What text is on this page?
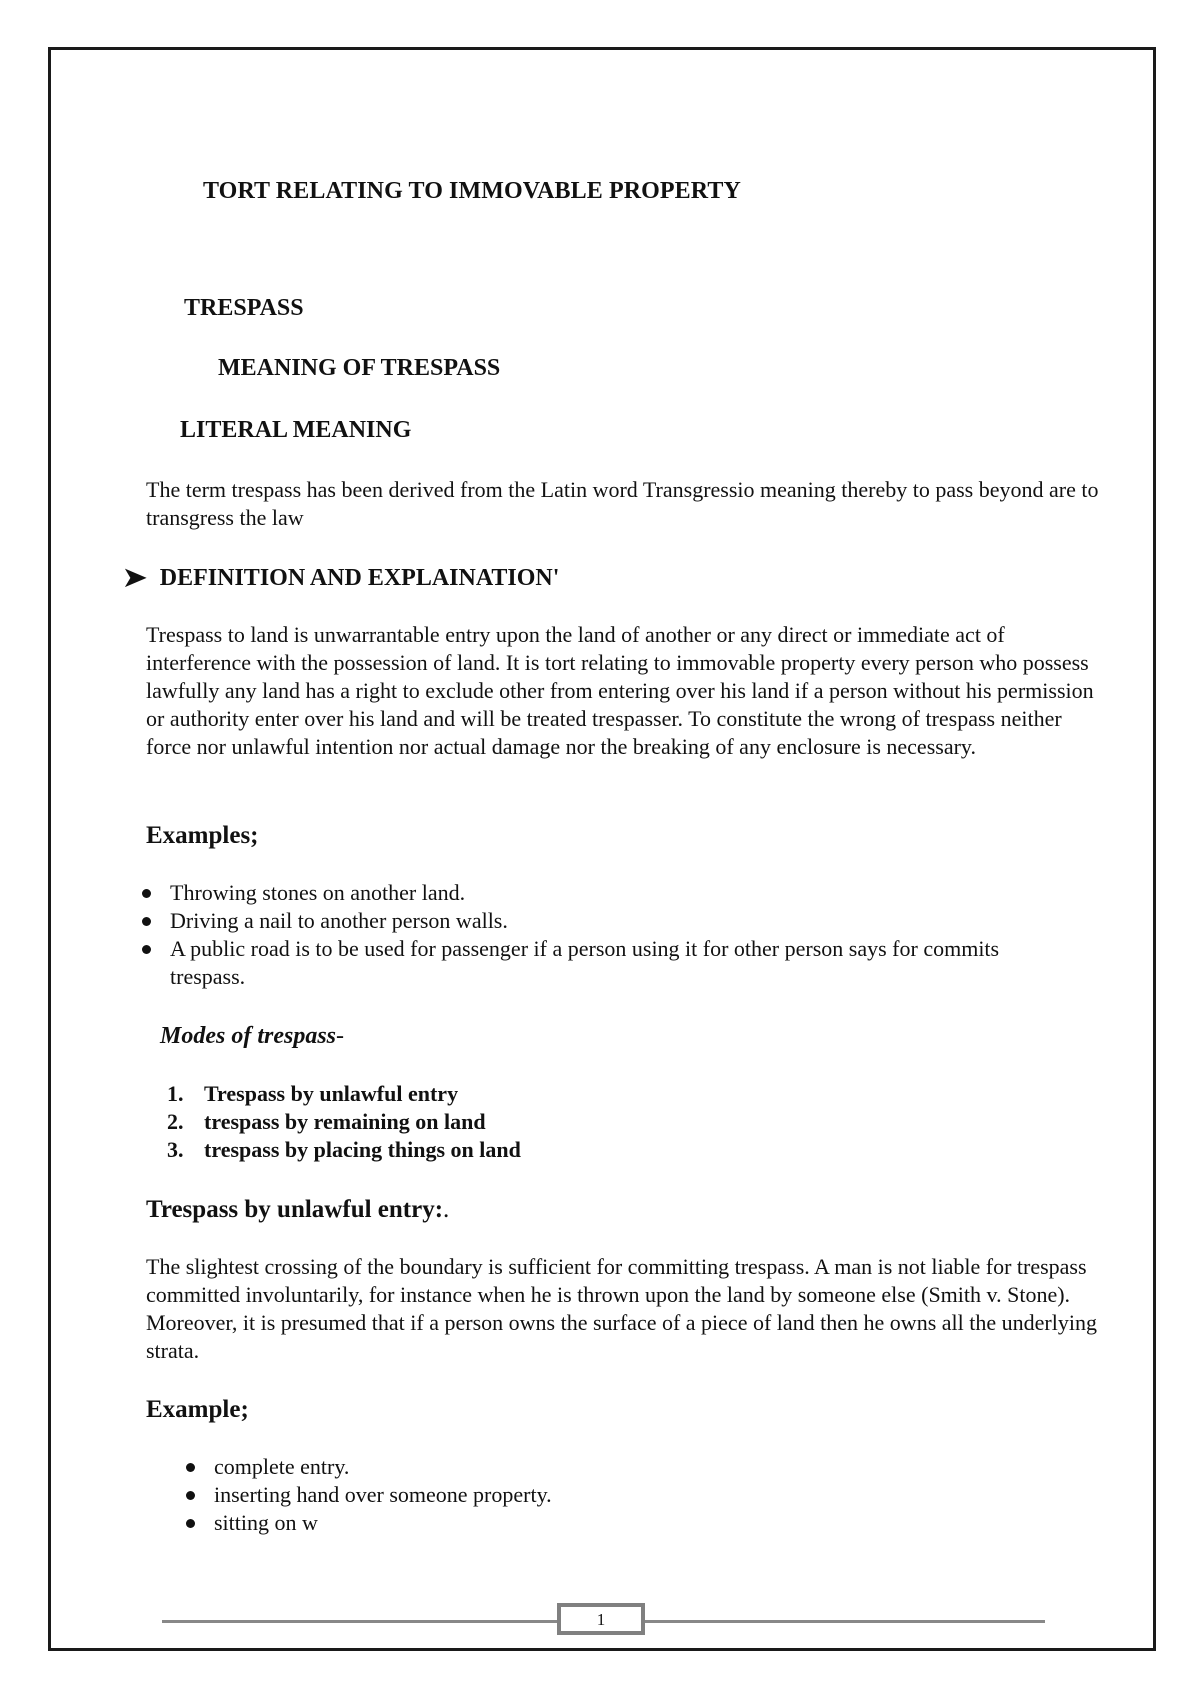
TORT RELATING TO IMMOVABLE PROPERTY
TRESPASS
MEANING OF TRESPASS
LITERAL MEANING

The term trespass has been derived from the Latin word Transgressio meaning thereby to pass beyond are to transgress the law

➤ DEFINITION AND EXPLAINATION'

Trespass to land is unwarrantable entry upon the land of another or any direct or immediate act of interference with the possession of land. It is tort relating to immovable property every person who possess lawfully any land has a right to exclude other from entering over his land if a person without his permission or authority enter over his land and will be treated trespasser. To constitute the wrong of trespass neither force nor unlawful intention nor actual damage nor the breaking of any enclosure is necessary.

Examples;
Throwing stones on another land.
Driving a nail to another person walls.
A public road is to be used for passenger if a person using it for other person says for commits trespass.
Modes of trespass-
1. Trespass by unlawful entry
2. trespass by remaining on land
3. trespass by placing things on land
Trespass by unlawful entry:.

The slightest crossing of the boundary is sufficient for committing trespass. A man is not liable for trespass committed involuntarily, for instance when he is thrown upon the land by someone else (Smith v. Stone). Moreover, it is presumed that if a person owns the surface of a piece of land then he owns all the underlying strata.

Example;
complete entry.
inserting hand over someone property.
sitting on w
1
